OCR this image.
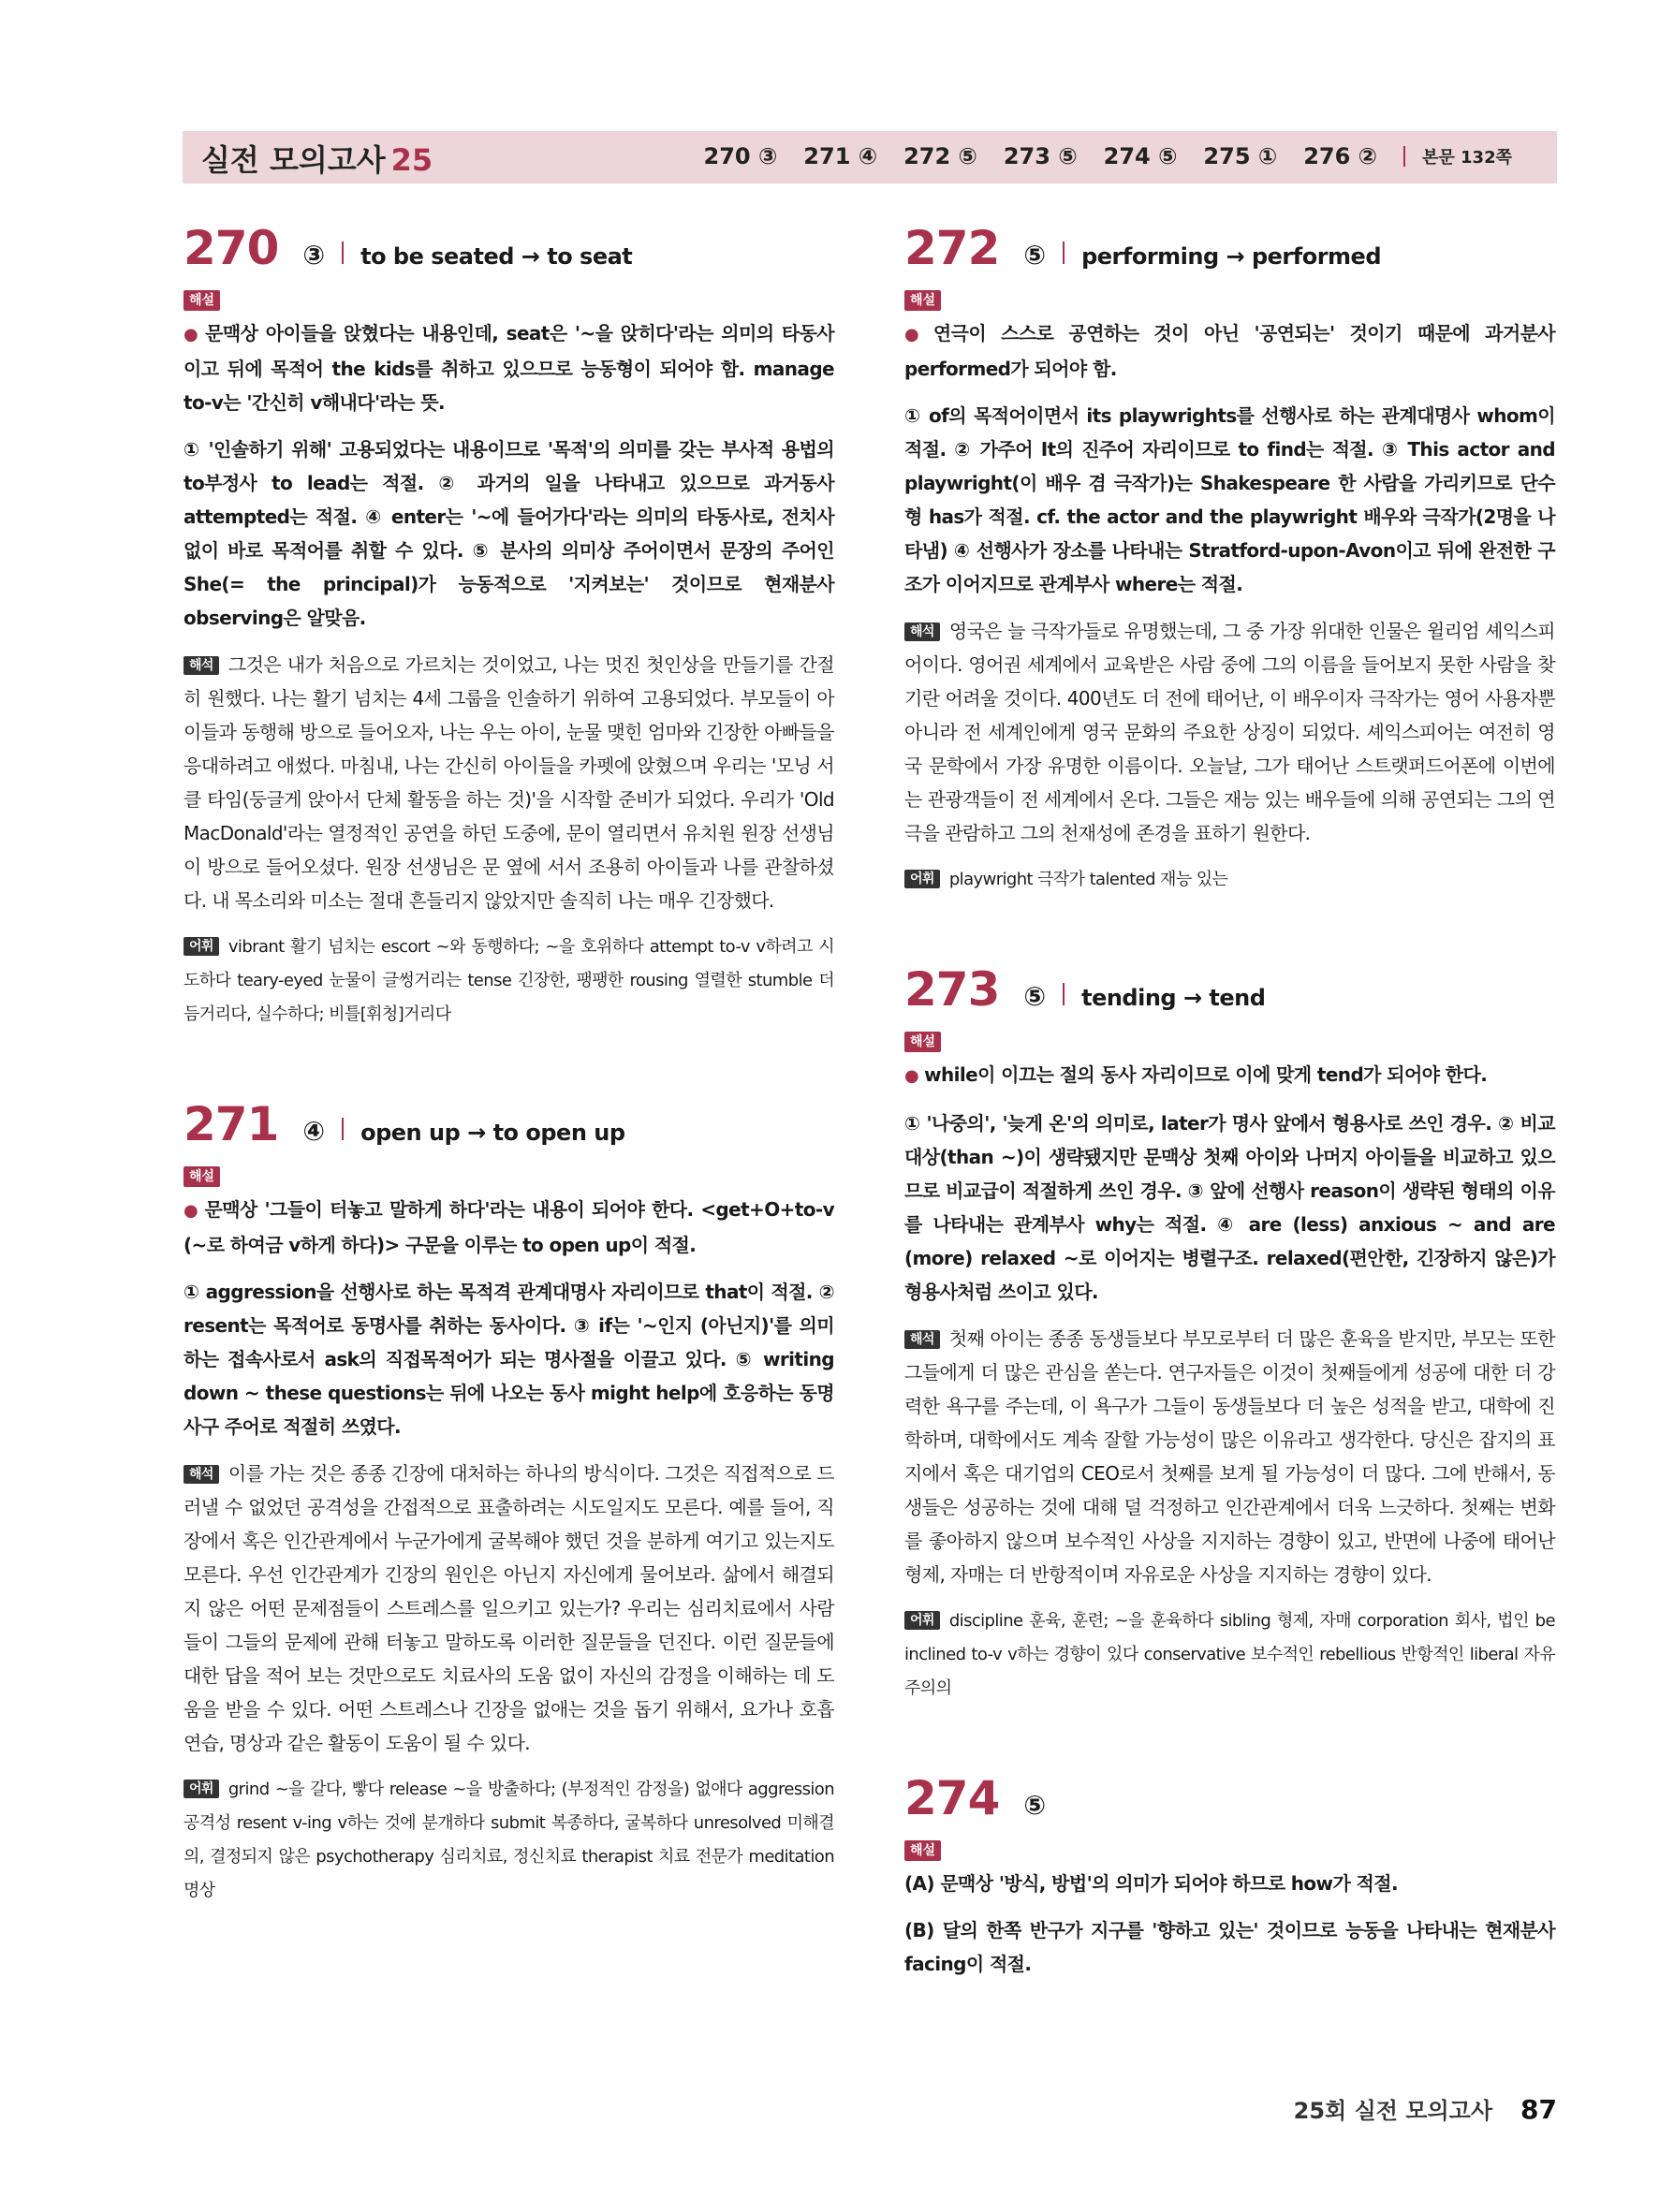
실전 모의고사 25	270 ③ 271 ④ 272 ⑤ 273 ⑤ 274 ⑤ 275 ① 276 ②	본문 132쪽
270 ③ to be seated → to seat
해설

● 문맥상 아이들을 앉혔다는 내용인데, seat은 '~을 앉히다'라는 의미의 타동사이고 뒤에 목적어 the kids를 취하고 있으므로 능동형이 되어야 함. manage to-v는 '간신히 v해내다'라는 뜻.

① '인솔하기 위해' 고용되었다는 내용이므로 '목적'의 의미를 갖는 부사적 용법의 to부정사 to lead는 적절. ② 과거의 일을 나타내고 있으므로 과거동사 attempted는 적절. ④ enter는 '~에 들어가다'라는 의미의 타동사로, 전치사 없이 바로 목적어를 취할 수 있다. ⑤ 분사의 의미상 주어이면서 문장의 주어인 She(= the principal)가 능동적으로 '지켜보는' 것이므로 현재분사 observing은 알맞음.

해석 그것은 내가 처음으로 가르치는 것이었고, 나는 멋진 첫인상을 만들기를 간절히 원했다. 나는 활기 넘치는 4세 그룹을 인솔하기 위하여 고용되었다. 부모들이 아이들과 동행해 방으로 들어오자, 나는 우는 아이, 눈물 맺힌 엄마와 긴장한 아빠들을 응대하려고 애썼다. 마침내, 나는 간신히 아이들을 카펫에 앉혔으며 우리는 '모닝 서클 타임(둥글게 앉아서 단체 활동을 하는 것)'을 시작할 준비가 되었다. 우리가 'Old MacDonald'라는 열정적인 공연을 하던 도중에, 문이 열리면서 유치원 원장 선생님이 방으로 들어오셨다. 원장 선생님은 문 옆에 서서 조용히 아이들과 나를 관찰하셨다. 내 목소리와 미소는 절대 흔들리지 않았지만 솔직히 나는 매우 긴장했다.

어휘 vibrant 활기 넘치는 escort ~와 동행하다; ~을 호위하다 attempt to-v v하려고 시도하다 teary-eyed 눈물이 글썽거리는 tense 긴장한, 팽팽한 rousing 열렬한 stumble 더듬거리다, 실수하다; 비틀[휘청]거리다

271 ④ open up → to open up
해설

● 문맥상 '그들이 터놓고 말하게 하다'라는 내용이 되어야 한다. <get+O+to-v (~로 하여금 v하게 하다)> 구문을 이루는 to open up이 적절.

① aggression을 선행사로 하는 목적격 관계대명사 자리이므로 that이 적절. ② resent는 목적어로 동명사를 취하는 동사이다. ③ if는 '~인지 (아닌지)'를 의미하는 접속사로서 ask의 직접목적어가 되는 명사절을 이끌고 있다. ⑤ writing down ~ these questions는 뒤에 나오는 동사 might help에 호응하는 동명사구 주어로 적절히 쓰였다.

해석 이를 가는 것은 종종 긴장에 대처하는 하나의 방식이다. 그것은 직접적으로 드러낼 수 없었던 공격성을 간접적으로 표출하려는 시도일지도 모른다. 예를 들어, 직장에서 혹은 인간관계에서 누군가에게 굴복해야 했던 것을 분하게 여기고 있는지도 모른다. 우선 인간관계가 긴장의 원인은 아닌지 자신에게 물어보라. 삶에서 해결되지 않은 어떤 문제점들이 스트레스를 일으키고 있는가? 우리는 심리치료에서 사람들이 그들의 문제에 관해 터놓고 말하도록 이러한 질문들을 던진다. 이런 질문들에 대한 답을 적어 보는 것만으로도 치료사의 도움 없이 자신의 감정을 이해하는 데 도움을 받을 수 있다. 어떤 스트레스나 긴장을 없애는 것을 돕기 위해서, 요가나 호흡 연습, 명상과 같은 활동이 도움이 될 수 있다.

어휘 grind ~을 갈다, 빻다 release ~을 방출하다; (부정적인 감정을) 없애다 aggression 공격성 resent v-ing v하는 것에 분개하다 submit 복종하다, 굴복하다 unresolved 미해결의, 결정되지 않은 psychotherapy 심리치료, 정신치료 therapist 치료 전문가 meditation 명상

272 ⑤ performing → performed
해설

● 연극이 스스로 공연하는 것이 아닌 '공연되는' 것이기 때문에 과거분사 performed가 되어야 함.

① of의 목적어이면서 its playwrights를 선행사로 하는 관계대명사 whom이 적절. ② 가주어 It의 진주어 자리이므로 to find는 적절. ③ This actor and playwright(이 배우 겸 극작가)는 Shakespeare 한 사람을 가리키므로 단수형 has가 적절. cf. the actor and the playwright 배우와 극작가(2명을 나타냄) ④ 선행사가 장소를 나타내는 Stratford-upon-Avon이고 뒤에 완전한 구조가 이어지므로 관계부사 where는 적절.

해석 영국은 늘 극작가들로 유명했는데, 그 중 가장 위대한 인물은 윌리엄 셰익스피어이다. 영어권 세계에서 교육받은 사람 중에 그의 이름을 들어보지 못한 사람을 찾기란 어려울 것이다. 400년도 더 전에 태어난, 이 배우이자 극작가는 영어 사용자뿐 아니라 전 세계인에게 영국 문화의 주요한 상징이 되었다. 셰익스피어는 여전히 영국 문학에서 가장 유명한 이름이다. 오늘날, 그가 태어난 스트랫퍼드어폰에 이번에는 관광객들이 전 세계에서 온다. 그들은 재능 있는 배우들에 의해 공연되는 그의 연극을 관람하고 그의 천재성에 존경을 표하기 원한다.

어휘 playwright 극작가 talented 재능 있는

273 ⑤ tending → tend
해설

● while이 이끄는 절의 동사 자리이므로 이에 맞게 tend가 되어야 한다.

① '나중의', '늦게 온'의 의미로, later가 명사 앞에서 형용사로 쓰인 경우. ② 비교대상(than ~)이 생략됐지만 문맥상 첫째 아이와 나머지 아이들을 비교하고 있으므로 비교급이 적절하게 쓰인 경우. ③ 앞에 선행사 reason이 생략된 형태의 이유를 나타내는 관계부사 why는 적절. ④ are (less) anxious ~ and are (more) relaxed ~로 이어지는 병렬구조. relaxed(편안한, 긴장하지 않은)가 형용사처럼 쓰이고 있다.

해석 첫째 아이는 종종 동생들보다 부모로부터 더 많은 훈육을 받지만, 부모는 또한 그들에게 더 많은 관심을 쏟는다. 연구자들은 이것이 첫째들에게 성공에 대한 더 강력한 욕구를 주는데, 이 욕구가 그들이 동생들보다 더 높은 성적을 받고, 대학에 진학하며, 대학에서도 계속 잘할 가능성이 많은 이유라고 생각한다. 당신은 잡지의 표지에서 혹은 대기업의 CEO로서 첫째를 보게 될 가능성이 더 많다. 그에 반해서, 동생들은 성공하는 것에 대해 덜 걱정하고 인간관계에서 더욱 느긋하다. 첫째는 변화를 좋아하지 않으며 보수적인 사상을 지지하는 경향이 있고, 반면에 나중에 태어난 형제, 자매는 더 반항적이며 자유로운 사상을 지지하는 경향이 있다.

어휘 discipline 훈육, 훈련; ~을 훈육하다 sibling 형제, 자매 corporation 회사, 법인 be inclined to-v v하는 경향이 있다 conservative 보수적인 rebellious 반항적인 liberal 자유주의의

274 ⑤
해설

(A) 문맥상 '방식, 방법'의 의미가 되어야 하므로 how가 적절.

(B) 달의 한쪽 반구가 지구를 '향하고 있는' 것이므로 능동을 나타내는 현재분사 facing이 적절.

25회 실전 모의고사 87
